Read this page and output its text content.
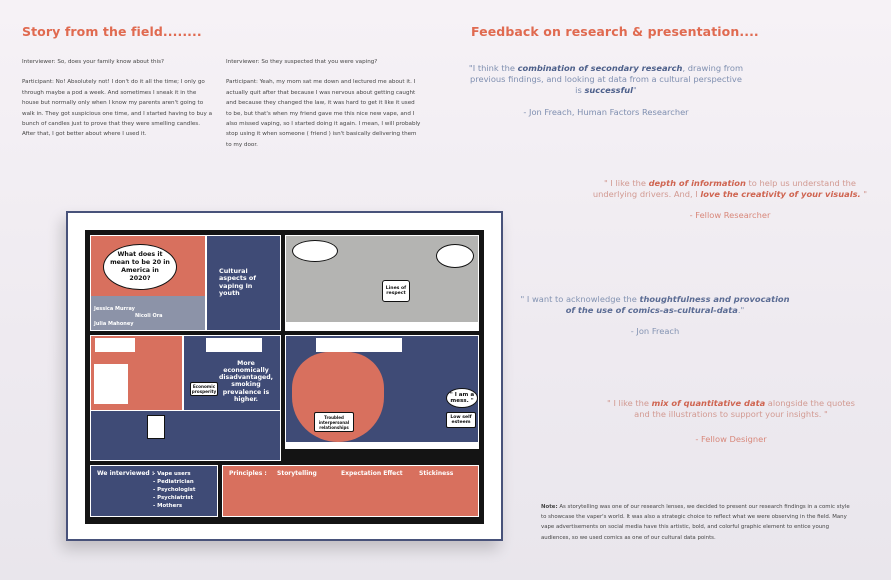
Story from the field........

Interviewer: So, does your family know about this?

Participant: No! Absolutely not! I don't do it all the time; I only go through maybe a pod a week. And sometimes I sneak it in the house but normally only when I know my parents aren't going to walk in. They got suspicious one time, and I started having to buy a bunch of candles just to prove that they were smelling candles. After that, I got better about where I used it.

Interviewer: So they suspected that you were vaping?

Participant: Yeah, my mom sat me down and lectured me about it. I actually quit after that because I was nervous about getting caught and because they changed the law, it was hard to get it like it used to be, but that's when my friend gave me this nice new vape, and I also missed vaping, so I started doing it again. I mean, I will probably stop using it when someone ( friend ) isn't basically delivering them to my door.

What does it mean to be 20 in America in 2020?
Cultural aspects of vaping in youth
Jessica Murray
Nicoli Ora
Julia Mahoney
Lines of respect
More economically disadvantaged, smoking prevalence is higher.
Economic prosperity
" I am a mess. "
Low self esteem
Troubled interpersonal relationships
We interviewed :
- Vape users
- Pediatrician
- Psychologist
- Psychiatrist
- Mothers
Principles : Storytelling	Expectation Effect	Stickiness
Feedback on research & presentation....
"I think the combination of secondary research, drawing from previous findings, and looking at data from a cultural perspective is successful"
- Jon Freach, Human Factors Researcher
" I like the depth of information to help us understand the underlying drivers. And, I love the creativity of your visuals. "
- Fellow Researcher
" I want to acknowledge the thoughtfulness and provocation of the use of comics-as-cultural-data."
- Jon Freach
" I like the mix of quantitative data alongside the quotes and the illustrations to support your insights. "
- Fellow Designer
Note: As storytelling was one of our research lenses, we decided to present our research findings in a comic style to showcase the vaper's world. It was also a strategic choice to reflect what we were observing in the field. Many vape advertisements on social media have this artistic, bold, and colorful graphic element to entice young audiences, so we used comics as one of our cultural data points.
